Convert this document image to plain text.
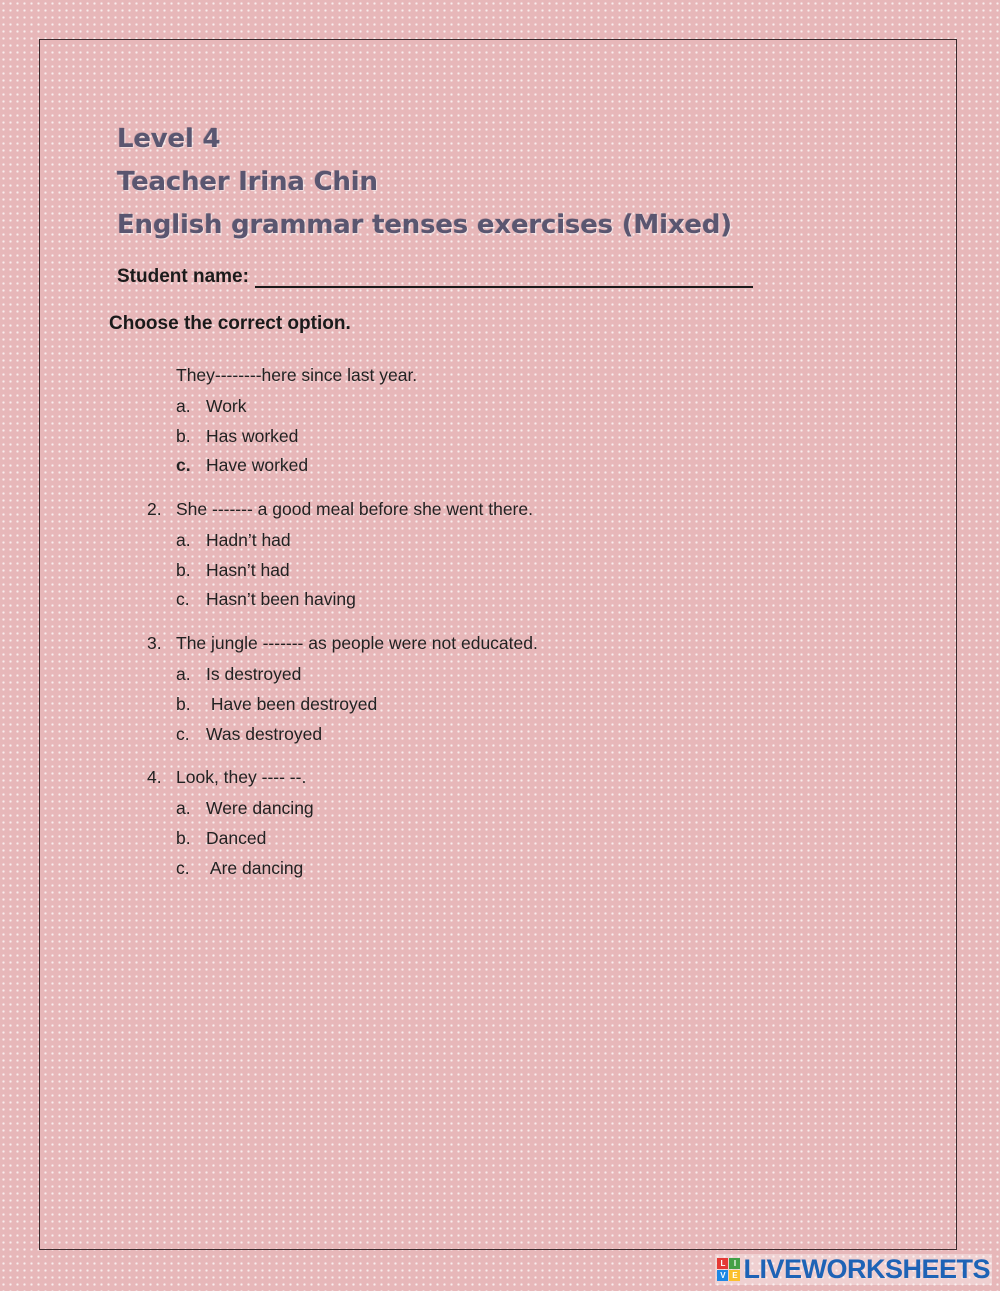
Level 4
Teacher Irina Chin
English grammar tenses exercises (Mixed)
Student name:
Choose the correct option.
They--------here since last year.
a. Work
b. Has worked
c. Have worked
2. She ------- a good meal before she went there.
a. Hadn’t had
b. Hasn’t had
c. Hasn’t been having
3. The jungle ------- as people were not educated.
a. Is destroyed
b. Have been destroyed
c. Was destroyed
4. Look, they ---- --.
a. Were dancing
b. Danced
c. Are dancing
L	I
V E LIVEWORKSHEETS
